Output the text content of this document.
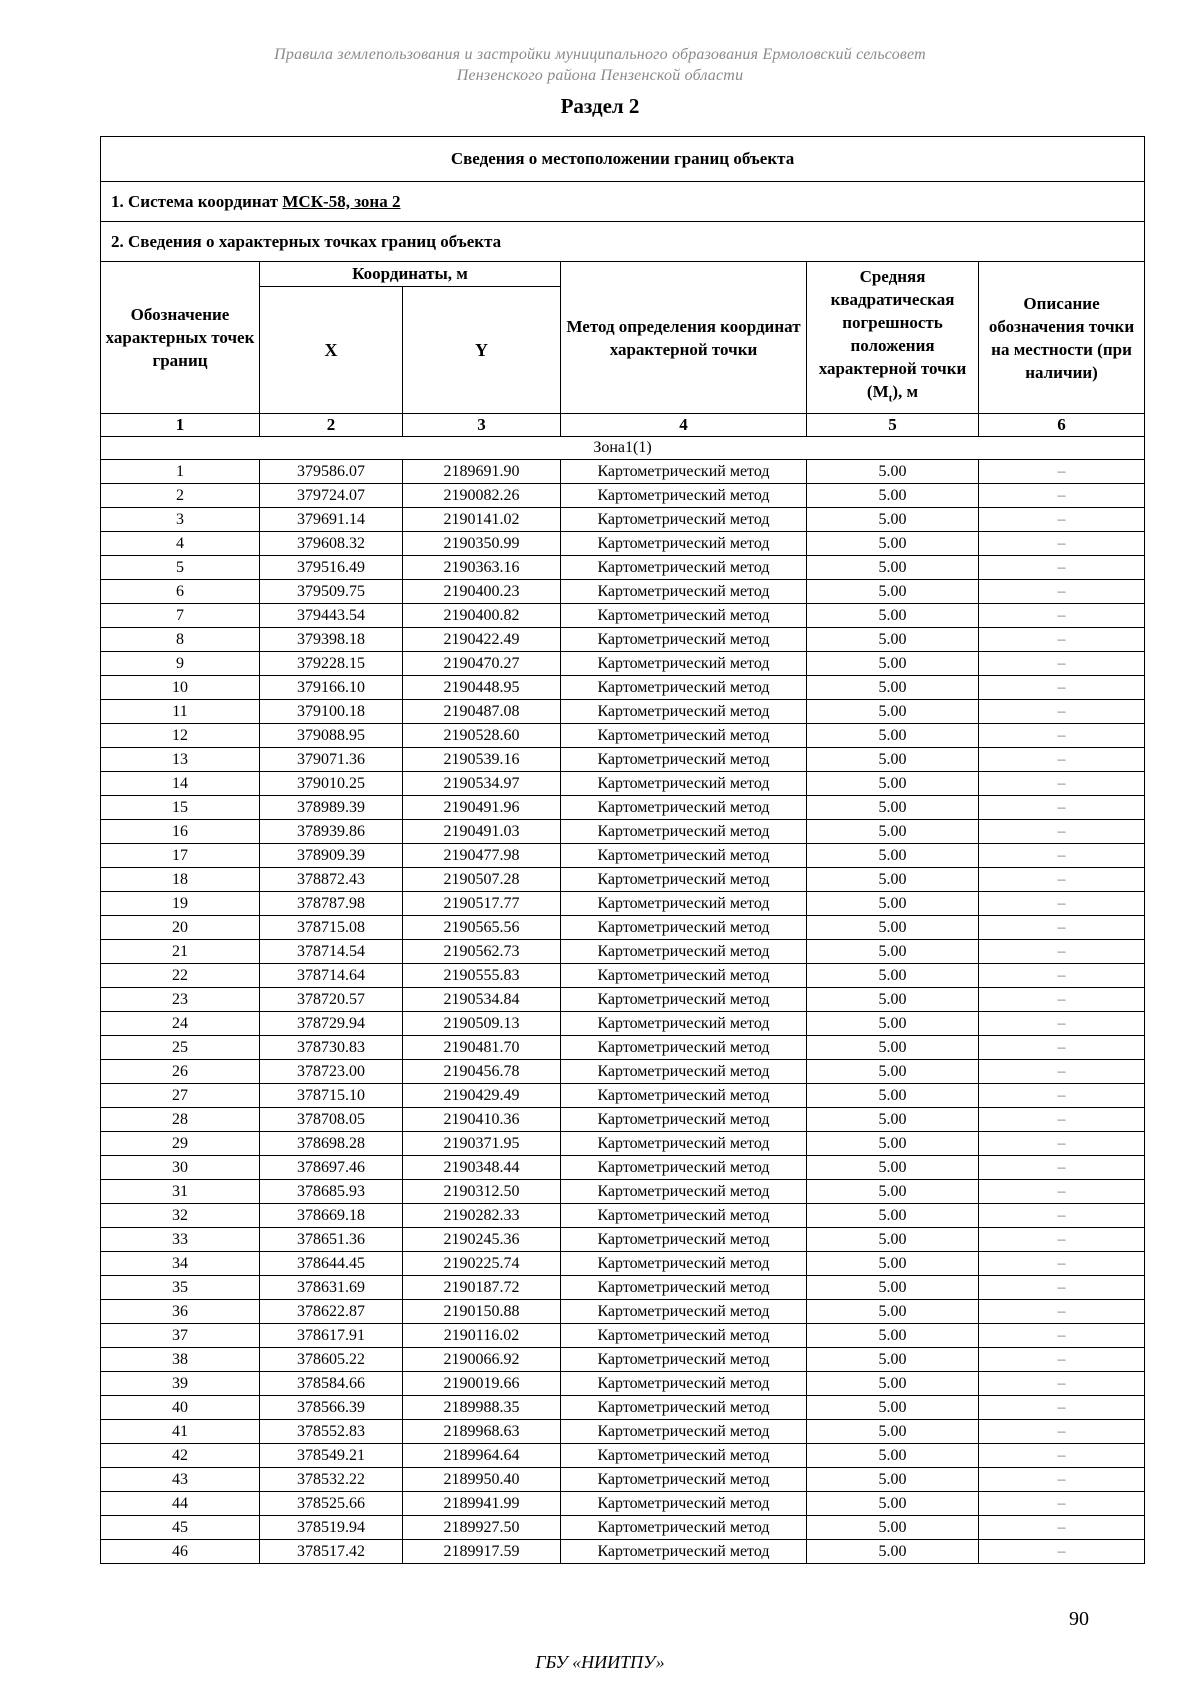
Правила землепользования и застройки муниципального образования Ермоловский сельсовет
Пензенского района Пензенской области
Раздел 2
Сведения о местоположении границ объекта					
1. Система координат МСК-58, зона 2					
2. Сведения о характерных точках границ объекта					
Обозначение характерных точек границ	Координаты, м		Метод определения координат характерной точки	Средняя квадратическая погрешность положения характерной точки $(M_t)$, м	Описание обозначения точки на местности (при наличии)
	X	Y			
1	2	3	4	5	6
Зона1(1)					
1	379586.07	2189691.90	Картометрический метод	5.00	–
2	379724.07	2190082.26	Картометрический метод	5.00	–
3	379691.14	2190141.02	Картометрический метод	5.00	–
4	379608.32	2190350.99	Картометрический метод	5.00	–
5	379516.49	2190363.16	Картометрический метод	5.00	–
6	379509.75	2190400.23	Картометрический метод	5.00	–
7	379443.54	2190400.82	Картометрический метод	5.00	–
8	379398.18	2190422.49	Картометрический метод	5.00	–
9	379228.15	2190470.27	Картометрический метод	5.00	–
10	379166.10	2190448.95	Картометрический метод	5.00	–
11	379100.18	2190487.08	Картометрический метод	5.00	–
12	379088.95	2190528.60	Картометрический метод	5.00	–
13	379071.36	2190539.16	Картометрический метод	5.00	–
14	379010.25	2190534.97	Картометрический метод	5.00	–
15	378989.39	2190491.96	Картометрический метод	5.00	–
16	378939.86	2190491.03	Картометрический метод	5.00	–
17	378909.39	2190477.98	Картометрический метод	5.00	–
18	378872.43	2190507.28	Картометрический метод	5.00	–
19	378787.98	2190517.77	Картометрический метод	5.00	–
20	378715.08	2190565.56	Картометрический метод	5.00	–
21	378714.54	2190562.73	Картометрический метод	5.00	–
22	378714.64	2190555.83	Картометрический метод	5.00	–
23	378720.57	2190534.84	Картометрический метод	5.00	–
24	378729.94	2190509.13	Картометрический метод	5.00	–
25	378730.83	2190481.70	Картометрический метод	5.00	–
26	378723.00	2190456.78	Картометрический метод	5.00	–
27	378715.10	2190429.49	Картометрический метод	5.00	–
28	378708.05	2190410.36	Картометрический метод	5.00	–
29	378698.28	2190371.95	Картометрический метод	5.00	–
30	378697.46	2190348.44	Картометрический метод	5.00	–
31	378685.93	2190312.50	Картометрический метод	5.00	–
32	378669.18	2190282.33	Картометрический метод	5.00	–
33	378651.36	2190245.36	Картометрический метод	5.00	–
34	378644.45	2190225.74	Картометрический метод	5.00	–
35	378631.69	2190187.72	Картометрический метод	5.00	–
36	378622.87	2190150.88	Картометрический метод	5.00	–
37	378617.91	2190116.02	Картометрический метод	5.00	–
38	378605.22	2190066.92	Картометрический метод	5.00	–
39	378584.66	2190019.66	Картометрический метод	5.00	–
40	378566.39	2189988.35	Картометрический метод	5.00	–
41	378552.83	2189968.63	Картометрический метод	5.00	–
42	378549.21	2189964.64	Картометрический метод	5.00	–
43	378532.22	2189950.40	Картометрический метод	5.00	–
44	378525.66	2189941.99	Картометрический метод	5.00	–
45	378519.94	2189927.50	Картометрический метод	5.00	–
46	378517.42	2189917.59	Картометрический метод	5.00	–
90
ГБУ «НИИТПУ»
